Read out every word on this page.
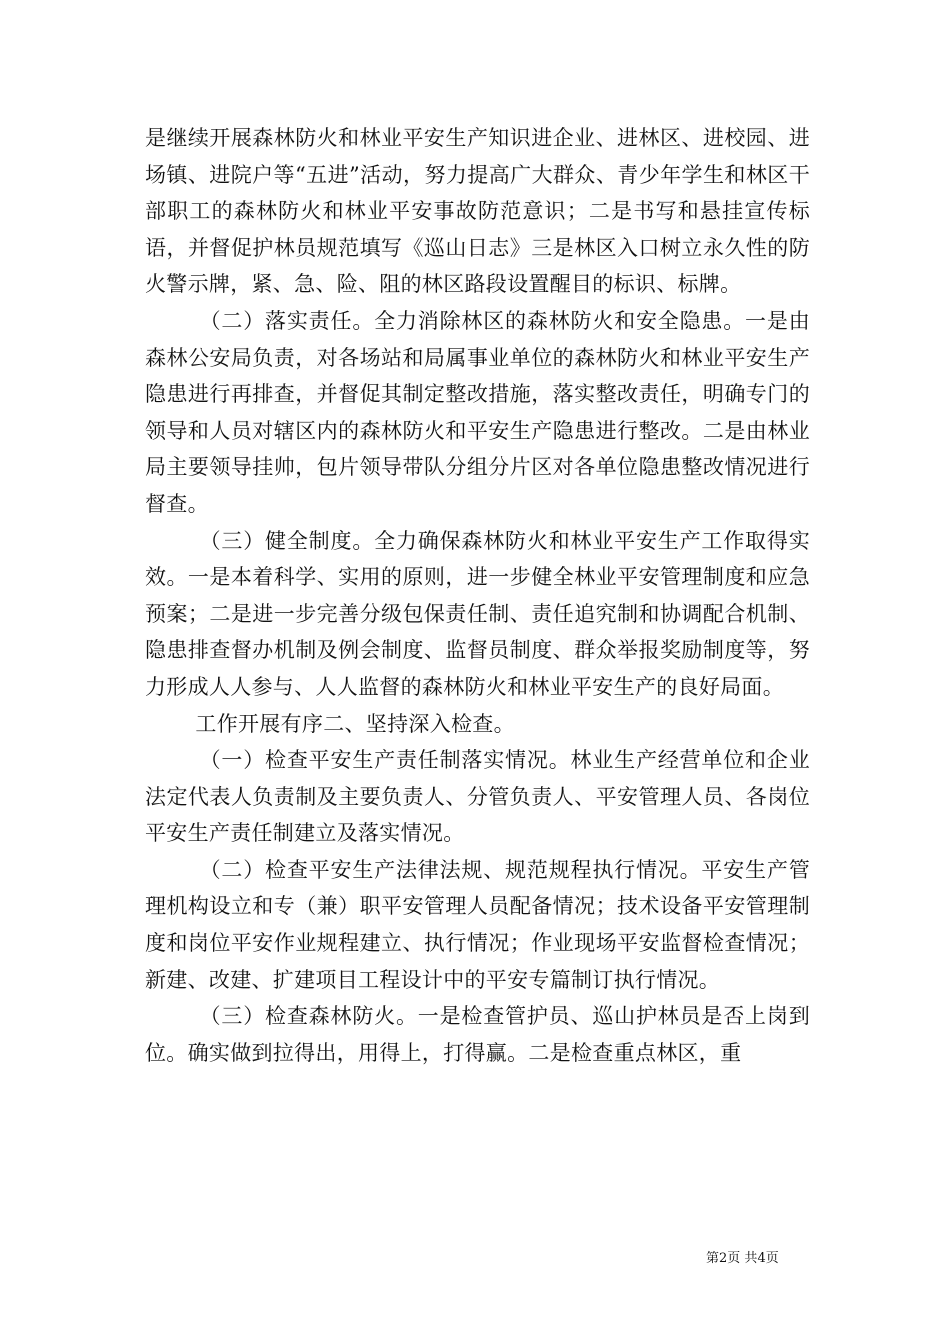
是继续开展森林防火和林业平安生产知识进企业、进林区、进校园、进场镇、进院户等“五进”活动，努力提高广大群众、青少年学生和林区干部职工的森林防火和林业平安事故防范意识；二是书写和悬挂宣传标语，并督促护林员规范填写《巡山日志》三是林区入口树立永久性的防火警示牌，紧、急、险、阻的林区路段设置醒目的标识、标牌。

（二）落实责任。全力消除林区的森林防火和安全隐患。一是由森林公安局负责，对各场站和局属事业单位的森林防火和林业平安生产隐患进行再排查，并督促其制定整改措施，落实整改责任，明确专门的领导和人员对辖区内的森林防火和平安生产隐患进行整改。二是由林业局主要领导挂帅，包片领导带队分组分片区对各单位隐患整改情况进行督查。

（三）健全制度。全力确保森林防火和林业平安生产工作取得实效。一是本着科学、实用的原则，进一步健全林业平安管理制度和应急预案；二是进一步完善分级包保责任制、责任追究制和协调配合机制、隐患排查督办机制及例会制度、监督员制度、群众举报奖励制度等，努力形成人人参与、人人监督的森林防火和林业平安生产的良好局面。

工作开展有序二、坚持深入检查。

（一）检查平安生产责任制落实情况。林业生产经营单位和企业法定代表人负责制及主要负责人、分管负责人、平安管理人员、各岗位平安生产责任制建立及落实情况。

（二）检查平安生产法律法规、规范规程执行情况。平安生产管理机构设立和专（兼）职平安管理人员配备情况；技术设备平安管理制度和岗位平安作业规程建立、执行情况；作业现场平安监督检查情况；新建、改建、扩建项目工程设计中的平安专篇制订执行情况。

（三）检查森林防火。一是检查管护员、巡山护林员是否上岗到位。确实做到拉得出，用得上，打得赢。二是检查重点林区，重

第2页 共4页
